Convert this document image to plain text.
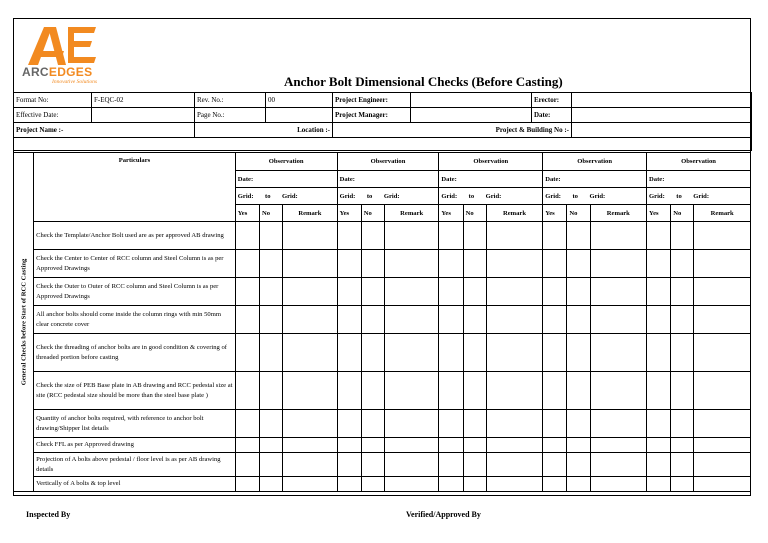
ARCEDGES
Innovative Solutions	Anchor Bolt Dimensional Checks (Before Casting)
Format No:	F-EQC-02	Rev. No.:	00	Project Engineer:		Erector:	
Effective Date:		Page No.:		Project Manager:		Date:	
Project Name :-		Location :-		Project & Building No :-			

General Checks before Start of RCC Casting	Particulars	Observation			Observation			Observation			Observation			Observation		
		Date:			Date:			Date:			Date:			Date:		

		Grid: to Grid:			Grid: to Grid:			Grid: to Grid:			Grid: to Grid:			Grid: to Grid:		

		Yes	No	Remark	Yes	No	Remark	Yes	No	Remark	Yes	No	Remark	Yes	No	Remark
	Check the Template/Anchor Bolt used are as per approved AB drawing															
	Check the Center to Center of RCC column and Steel Column is as per Approved Drawings															
	Check the Outer to Outer of RCC column and Steel Column is as per Approved Drawings															
	All anchor bolts should come inside the column rings with min 50mm clear concrete cover															
	Check the threading of anchor bolts are in good condition & covering of threaded portion before casting															
	Check the size of PEB Base plate in AB drawing and RCC pedestal size at site (RCC pedestal size should be more than the steel base plate )															
	Quantity of anchor bolts required, with reference to anchor bolt drawing/Shipper list details															
	Check FFL as per Approved drawing															
	Projection of A bolts above pedestal / floor level is as per AB drawing details															
	Vertically of A bolts & top level															
Inspected By	Verified/Approved By
